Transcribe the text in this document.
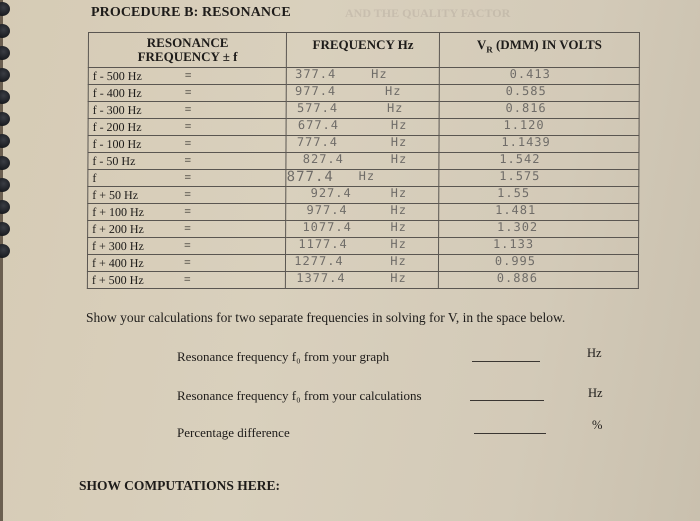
PROCEDURE B: RESONANCE	AND THE QUALITY FACTOR
RESONANCE
FREQUENCY ± f	FREQUENCY Hz	$V_R$ (DMM) IN VOLTS
f - 500 Hz =	377.4 Hz	0.413

f - 400 Hz =	977.4 Hz	0.585

f - 300 Hz =	577.4 Hz	0.816

f - 200 Hz =	677.4 Hz	1.120

f - 100 Hz =	777.4 Hz	1.1439

f - 50 Hz =	827.4 Hz	1.542

f =	877.4 Hz	1.575

f + 50 Hz =	927.4 Hz	1.55

f + 100 Hz =	977.4 Hz	1.481

f + 200 Hz =	1077.4 Hz	1.302

f + 300 Hz =	1177.4 Hz	1.133

f + 400 Hz =	1277.4 Hz	0.995

f + 500 Hz =	1377.4 Hz	0.886
Show your calculations for two separate frequencies in solving for V, in the space below.
Resonance frequency f₀ from your graph	Hz
Resonance frequency f₀ from your calculations	Hz
Percentage difference	%
SHOW COMPUTATIONS HERE:
